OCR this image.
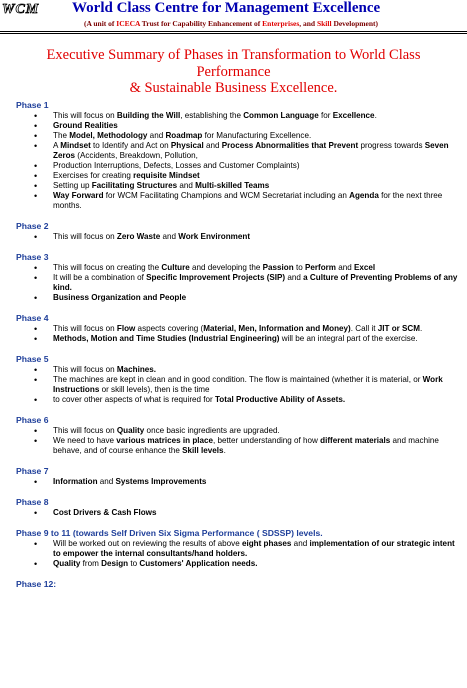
WCM World Class Centre for Management Excellence
(A unit of ICECA Trust for Capability Enhancement of Enterprises, and Skill Development)
Executive Summary of Phases in Transformation to World Class
Performance
& Sustainable Business Excellence.
Phase 1
• This will focus on Building the Will, establishing the Common Language for Excellence.
• Ground Realities
• The Model, Methodology and Roadmap for Manufacturing Excellence.
• A Mindset to Identify and Act on Physical and Process Abnormalities that Prevent progress towards Seven Zeros (Accidents, Breakdown, Pollution,
• Production Interruptions, Defects, Losses and Customer Complaints)
• Exercises for creating requisite Mindset
• Setting up Facilitating Structures and Multi-skilled Teams
• Way Forward for WCM Facilitating Champions and WCM Secretariat including an Agenda for the next three months.
Phase 2
• This will focus on Zero Waste and Work Environment
Phase 3
• This will focus on creating the Culture and developing the Passion to Perform and Excel
• It will be a combination of Specific Improvement Projects (SIP) and a Culture of Preventing Problems of any kind.
• Business Organization and People
Phase 4
• This will focus on Flow aspects covering (Material, Men, Information and Money). Call it JIT or SCM.
• Methods, Motion and Time Studies (Industrial Engineering) will be an integral part of the exercise.
Phase 5
• This will focus on Machines.
• The machines are kept in clean and in good condition. The flow is maintained (whether it is material, or Work Instructions or skill levels), then is the time
• to cover other aspects of what is required for Total Productive Ability of Assets.
Phase 6
• This will focus on Quality once basic ingredients are upgraded.
• We need to have various matrices in place, better understanding of how different materials and machine behave, and of course enhance the Skill levels.
Phase 7
• Information and Systems Improvements
Phase 8
• Cost Drivers & Cash Flows
Phase 9 to 11 (towards Self Driven Six Sigma Performance ( SDSSP) levels.
• Will be worked out on reviewing the results of above eight phases and implementation of our strategic intent to empower the internal consultants/hand holders.
• Quality from Design to Customers' Application needs.
Phase 12:
